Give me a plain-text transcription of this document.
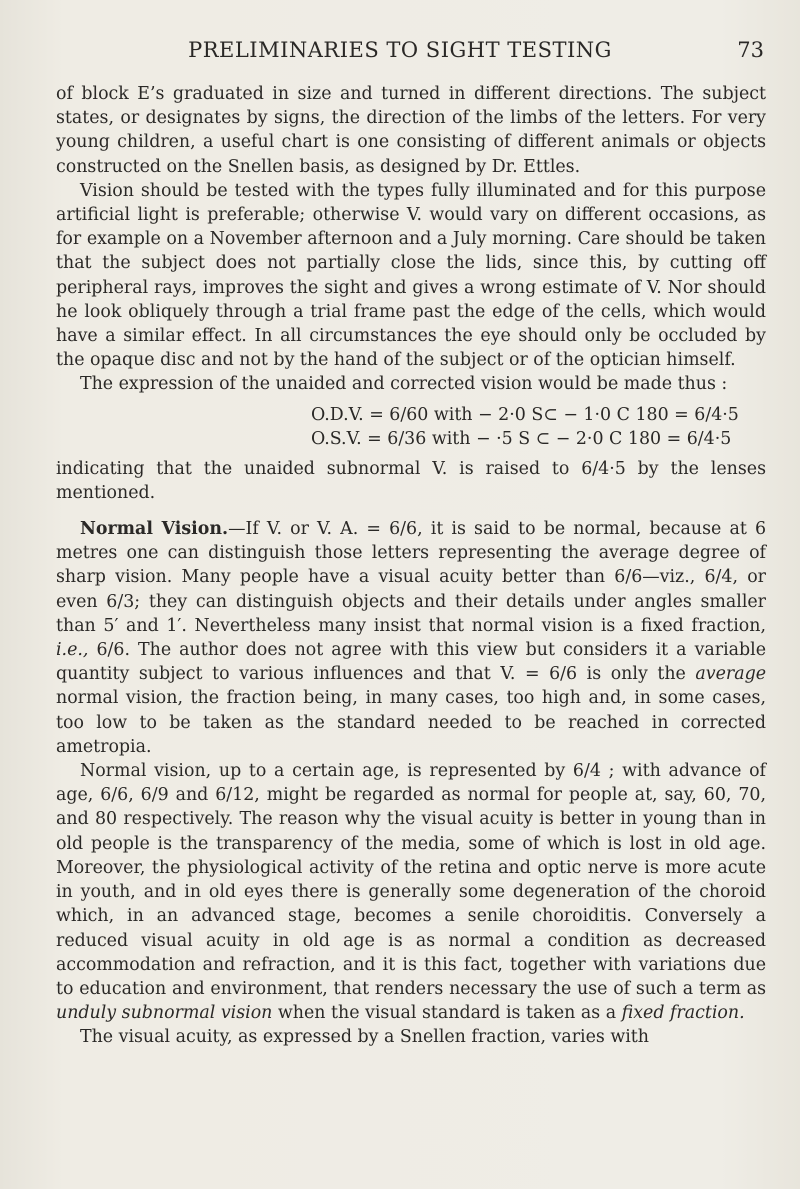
PRELIMINARIES TO SIGHT TESTING	73

of block E’s graduated in size and turned in different directions. The subject states, or designates by signs, the direction of the limbs of the letters. For very young children, a useful chart is one consisting of different animals or objects constructed on the Snellen basis, as designed by Dr. Ettles.

Vision should be tested with the types fully illuminated and for this purpose artificial light is preferable; otherwise V. would vary on different occasions, as for example on a November afternoon and a July morning. Care should be taken that the subject does not partially close the lids, since this, by cutting off peripheral rays, improves the sight and gives a wrong estimate of V. Nor should he look obliquely through a trial frame past the edge of the cells, which would have a similar effect. In all circumstances the eye should only be occluded by the opaque disc and not by the hand of the subject or of the optician himself.

The expression of the unaided and corrected vision would be made thus :

O.D.V. = 6/60 with − 2·0 S⊂ − 1·0 C 180 = 6/4·5
O.S.V. = 6/36 with − ·5 S ⊂ − 2·0 C 180 = 6/4·5

indicating that the unaided subnormal V. is raised to 6/4·5 by the lenses mentioned.

Normal Vision.—If V. or V. A. = 6/6, it is said to be normal, because at 6 metres one can distinguish those letters representing the average degree of sharp vision. Many people have a visual acuity better than 6/6—viz., 6/4, or even 6/3; they can distinguish objects and their details under angles smaller than 5′ and 1′. Nevertheless many insist that normal vision is a fixed fraction, i.e., 6/6. The author does not agree with this view but considers it a variable quantity subject to various influences and that V. = 6/6 is only the average normal vision, the fraction being, in many cases, too high and, in some cases, too low to be taken as the standard needed to be reached in corrected ametropia.

Normal vision, up to a certain age, is represented by 6/4 ; with advance of age, 6/6, 6/9 and 6/12, might be regarded as normal for people at, say, 60, 70, and 80 respectively. The reason why the visual acuity is better in young than in old people is the transparency of the media, some of which is lost in old age. Moreover, the physiological activity of the retina and optic nerve is more acute in youth, and in old eyes there is generally some degeneration of the choroid which, in an advanced stage, becomes a senile choroiditis. Conversely a reduced visual acuity in old age is as normal a condition as decreased accommodation and refraction, and it is this fact, together with variations due to education and environment, that renders necessary the use of such a term as unduly subnormal vision when the visual standard is taken as a fixed fraction.

The visual acuity, as expressed by a Snellen fraction, varies with
